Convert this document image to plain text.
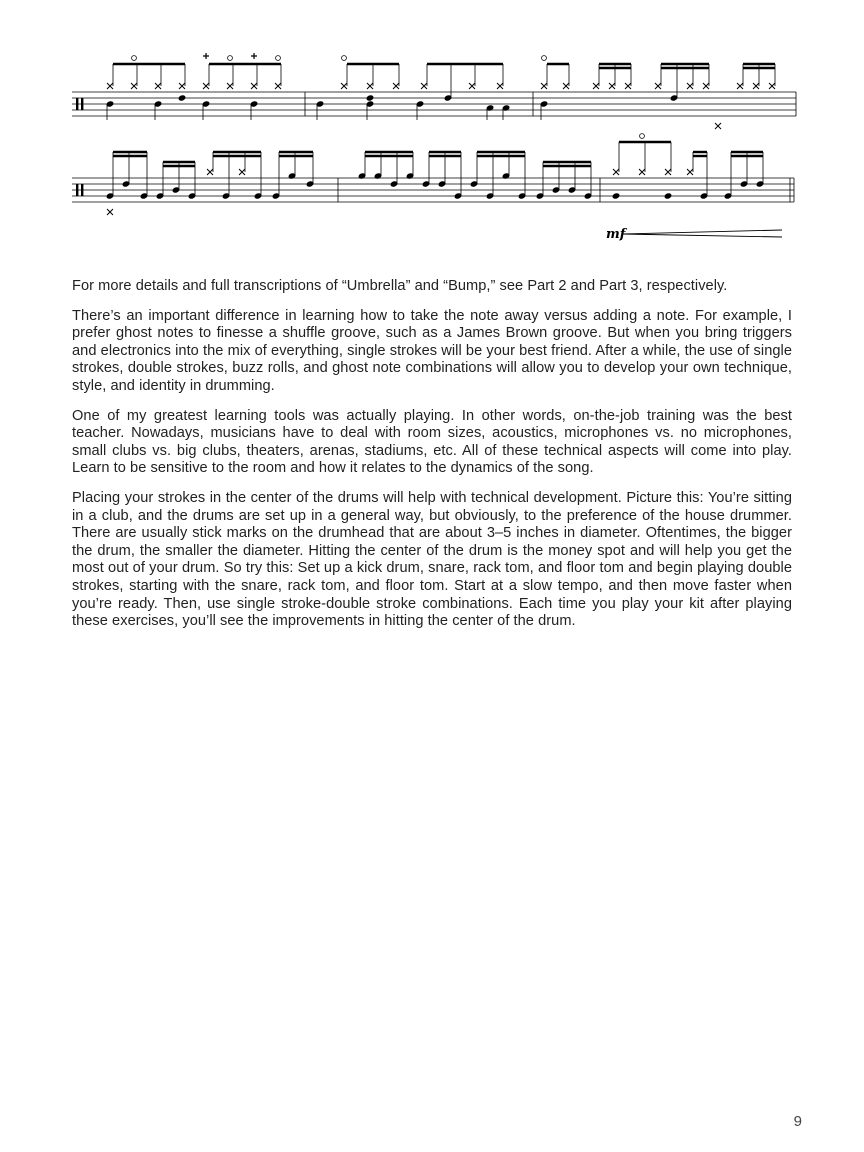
mf

For more details and full transcriptions of “Umbrella” and “Bump,” see Part 2 and Part 3, respectively.

There’s an important difference in learning how to take the note away versus adding a note. For example, I prefer ghost notes to finesse a shuffle groove, such as a James Brown groove. But when you bring triggers and electronics into the mix of everything, single strokes will be your best friend. After a while, the use of single strokes, double strokes, buzz rolls, and ghost note combinations will allow you to develop your own technique, style, and identity in drumming.

One of my greatest learning tools was actually playing. In other words, on-the-job training was the best teacher. Nowadays, musicians have to deal with room sizes, acoustics, microphones vs. no microphones, small clubs vs. big clubs, theaters, arenas, stadiums, etc. All of these technical aspects will come into play. Learn to be sensitive to the room and how it relates to the dynamics of the song.

Placing your strokes in the center of the drums will help with technical development. Picture this: You’re sitting in a club, and the drums are set up in a general way, but obviously, to the preference of the house drummer. There are usually stick marks on the drumhead that are about 3–5 inches in diameter. Oftentimes, the bigger the drum, the smaller the diameter. Hitting the center of the drum is the money spot and will help you get the most out of your drum. So try this: Set up a kick drum, snare, rack tom, and floor tom and begin playing double strokes, starting with the snare, rack tom, and floor tom. Start at a slow tempo, and then move faster when you’re ready. Then, use single stroke-double stroke combinations. Each time you play your kit after playing these exercises, you’ll see the improvements in hitting the center of the drum.

9
